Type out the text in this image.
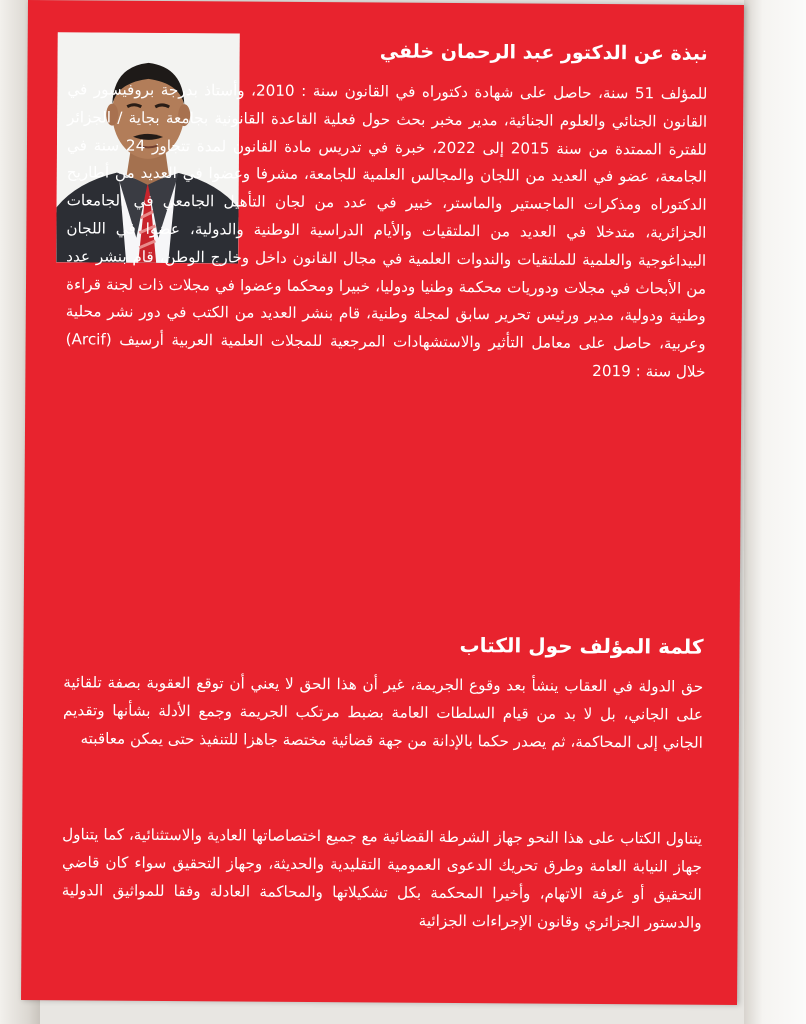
نبذة عن الدكتور عبد الرحمان خلفي
للمؤلف 51 سنة، حاصل على شهادة دكتوراه في القانون سنة : 2010، وأستاذ بدرجة بروفيسور في القانون الجنائي والعلوم الجنائية، مدير مخبر بحث حول فعلية القاعدة القانونية بجامعة بجاية / الجزائر للفترة الممتدة من سنة 2015 إلى 2022، خبرة في تدريس مادة القانون لمدة تتجاوز 24 سنة في الجامعة، عضو في العديد من اللجان والمجالس العلمية للجامعة، مشرفا وعضوا في العديد من أطاريح الدكتوراه ومذكرات الماجستير والماستر، خبير في عدد من لجان التأهيل الجامعي في الجامعات الجزائرية، متدخلا في العديد من الملتقيات والأيام الدراسية الوطنية والدولية، عضوا في اللجان البيداغوجية والعلمية للملتقيات والندوات العلمية في مجال القانون داخل وخارج الوطن، قام بنشر عدد من الأبحاث في مجلات ودوريات محكمة وطنيا ودوليا، خبيرا ومحكما وعضوا في مجلات ذات لجنة قراءة وطنية ودولية، مدير ورئيس تحرير سابق لمجلة وطنية، قام بنشر العديد من الكتب في دور نشر محلية وعربية، حاصل على معامل التأثير والاستشهادات المرجعية للمجلات العلمية العربية أرسيف (Arcif) خلال سنة : 2019
كلمة المؤلف حول الكتاب
حق الدولة في العقاب ينشأ بعد وقوع الجريمة، غير أن هذا الحق لا يعني أن توقع العقوبة بصفة تلقائية على الجاني، بل لا بد من قيام السلطات العامة بضبط مرتكب الجريمة وجمع الأدلة بشأنها وتقديم الجاني إلى المحاكمة، ثم يصدر حكما بالإدانة من جهة قضائية مختصة جاهزا للتنفيذ حتى يمكن معاقبته
يتناول الكتاب على هذا النحو جهاز الشرطة القضائية مع جميع اختصاصاتها العادية والاستثنائية، كما يتناول جهاز النيابة العامة وطرق تحريك الدعوى العمومية التقليدية والحديثة، وجهاز التحقيق سواء كان قاضي التحقيق أو غرفة الاتهام، وأخيرا المحكمة بكل تشكيلاتها والمحاكمة العادلة وفقا للمواثيق الدولية والدستور الجزائري وقانون الإجراءات الجزائية
